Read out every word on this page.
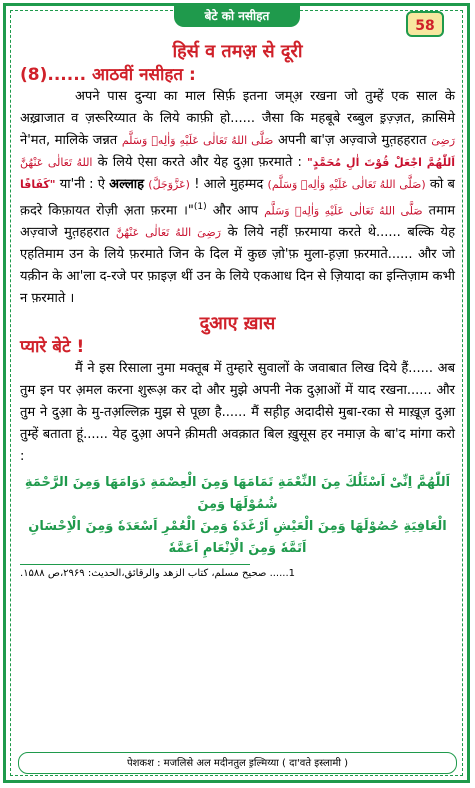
बेटे को नसीहत
58
हिर्स व तमअ़ से दूरी
(8)...... आठवीं नसीहत :

अपने पास दुन्या का माल सिर्फ़ इतना जम्अ़ रखना जो तुम्हें एक साल के अख़्राजात व ज़रूरिय्यात के लिये काफ़ी हो...... जैसा कि महबूबे रब्बुल इ़ज़्ज़त, क़ासिमे ने'मत, मालिके जन्नत صَلَّى اللهُ تَعَالٰی عَلَيْهِ وَاٰلِهٖ وَسَلَّم अपनी बा'ज़ अज़्वाजे मुत़हहरात رَضِیَ اللهُ تَعَالٰی عَنْهُنَّ के लिये ऐसा करते और येह दुआ़ फ़रमाते : "اَللّٰهُمَّ اجْعَلْ قُوْتَ اٰلِ مُحَمَّدٍ كَفَافًا" या'नी : ऐ अल्लाह (عَزَّوَجَلَّ) ! आले मुहम्मद (صَلَّى اللهُ تَعَالٰی عَلَيْهِ وَاٰلِهٖ وَسَلَّم) को ब क़दरे किफ़ायत रोज़ी अ़ता फ़रमा ।"$^{(1)}$ और आप صَلَّى اللهُ تَعَالٰی عَلَيْهِ وَاٰلِهٖ وَسَلَّم तमाम अज़्वाजे मुत़हहरात رَضِیَ اللهُ تَعَالٰی عَنْهُنَّ के लिये नहीं फ़रमाया करते थे...... बल्कि येह एहतिमाम उन के लिये फ़रमाते जिन के दिल में कुछ ज़ो'फ़ मुला-ह़ज़ा फ़रमाते...... और जो यक़ीन के आ'ला द-रजे पर फ़ाइज़ थीं उन के लिये एकआध दिन से ज़ियादा का इन्तिज़ाम कभी न फ़रमाते ।

दुआए ख़ास
प्यारे बेटे !

मैं ने इस रिसाला नुमा मक्तूब में तुम्हारे सुवालों के जवाबात लिख दिये हैं...... अब तुम इन पर अ़मल करना शुरूअ़ कर दो और मुझे अपनी नेक दुआ़ओं में याद रखना...... और तुम ने दुआ़ के मु-तअ़ल्लिक़ मुझ से पूछा है...... मैं सह़ीह़ अदादीसे मुबा-रका से माख़ूज़ दुआ़ तुम्हें बताता हूं...... येह दुआ़ अपने क़ीमती अवक़ात बिल ख़ुसूस हर नमाज़ के बा'द मांगा करो :

اَللّٰهُمَّ اِنِّیْ اَسْئَلُكَ مِنَ النِّعْمَةِ تَمَامَهَا وَمِنَ الْعِصْمَةِ دَوَامَهَا وَمِنَ الرَّحْمَةِ شُمُوْلَهَا وَمِنَ
الْعَافِيَةِ حُصُوْلَهَا وَمِنَ الْعَيْشِ اَرْغَدَهٗ وَمِنَ الْعُمْرِ اَسْعَدَهٗ وَمِنَ الْاِحْسَانِ اَتَمَّهٗ وَمِنَ الْاِنْعَامِ اَعَمَّهٗ
1...... صحیح مسلم، کتاب الزهد والرقائق،الحديث: ۲۹۶۹،ص ۱۵۸۸.
पेशकश : मजलिसे अल मदीनतुल इ़ल्मिय्या ( दा'वते इस्लामी )
